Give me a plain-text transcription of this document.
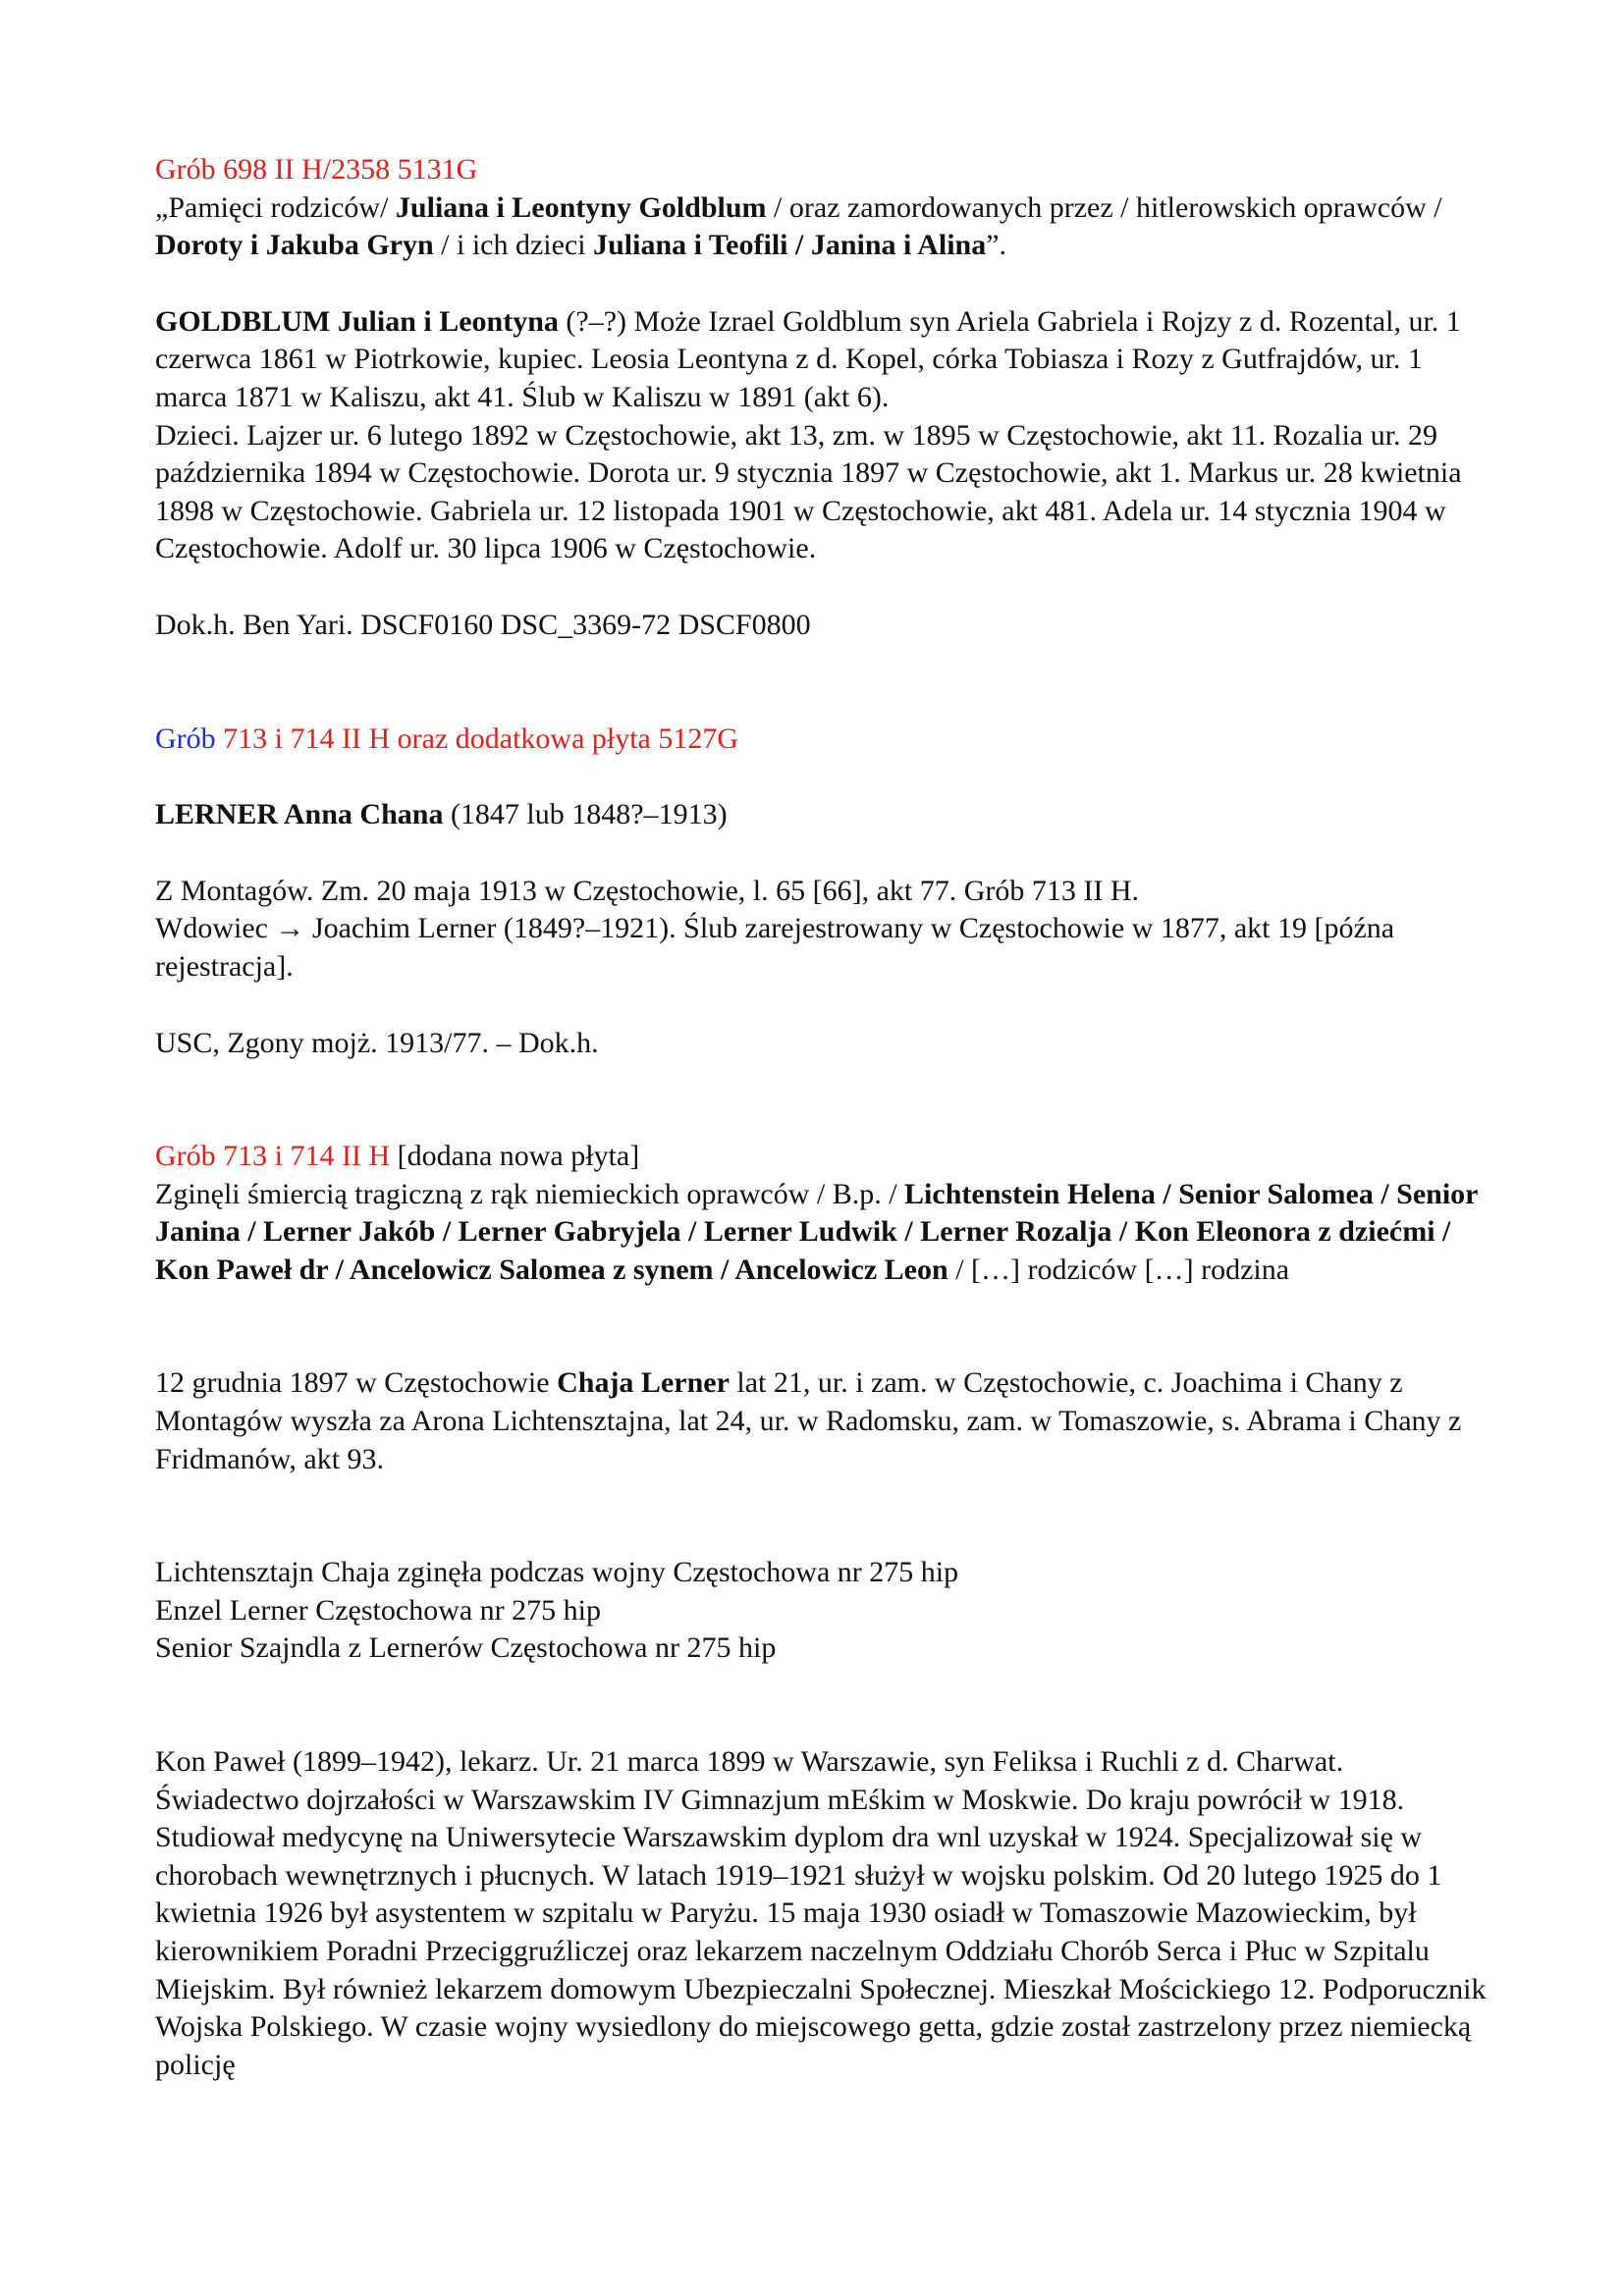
Grób 698 II H/2358 5131G

„Pamięci rodziców/ Juliana i Leontyny Goldblum / oraz zamordowanych przez / hitlerowskich oprawców / Doroty i Jakuba Gryn / i ich dzieci Juliana i Teofili / Janina i Alina”.

GOLDBLUM Julian i Leontyna (?–?) Może Izrael Goldblum syn Ariela Gabriela i Rojzy z d. Rozental, ur. 1 czerwca 1861 w Piotrkowie, kupiec. Leosia Leontyna z d. Kopel, córka Tobiasza i Rozy z Gutfrajdów, ur. 1 marca 1871 w Kaliszu, akt 41. Ślub w Kaliszu w 1891 (akt 6).

Dzieci. Lajzer ur. 6 lutego 1892 w Częstochowie, akt 13, zm. w 1895 w Częstochowie, akt 11. Rozalia ur. 29 października 1894 w Częstochowie. Dorota ur. 9 stycznia 1897 w Częstochowie, akt 1. Markus ur. 28 kwietnia 1898 w Częstochowie. Gabriela ur. 12 listopada 1901 w Częstochowie, akt 481. Adela ur. 14 stycznia 1904 w Częstochowie. Adolf ur. 30 lipca 1906 w Częstochowie.

Dok.h. Ben Yari. DSCF0160 DSC_3369-72 DSCF0800

Grób 713 i 714 II H oraz dodatkowa płyta 5127G

LERNER Anna Chana (1847 lub 1848?–1913)

Z Montagów. Zm. 20 maja 1913 w Częstochowie, l. 65 [66], akt 77. Grób 713 II H.

Wdowiec → Joachim Lerner (1849?–1921). Ślub zarejestrowany w Częstochowie w 1877, akt 19 [późna rejestracja].

USC, Zgony mojż. 1913/77. – Dok.h.

Grób 713 i 714 II H [dodana nowa płyta]

Zginęli śmiercią tragiczną z rąk niemieckich oprawców / B.p. / Lichtenstein Helena / Senior Salomea / Senior Janina / Lerner Jakób / Lerner Gabryjela / Lerner Ludwik / Lerner Rozalja / Kon Eleonora z dziećmi / Kon Paweł dr / Ancelowicz Salomea z synem / Ancelowicz Leon / […] rodziców […] rodzina

12 grudnia 1897 w Częstochowie Chaja Lerner lat 21, ur. i zam. w Częstochowie, c. Joachima i Chany z Montagów wyszła za Arona Lichtensztajna, lat 24, ur. w Radomsku, zam. w Tomaszowie, s. Abrama i Chany z Fridmanów, akt 93.

Lichtensztajn Chaja zginęła podczas wojny Częstochowa nr 275 hip

Enzel Lerner Częstochowa nr 275 hip

Senior Szajndla z Lernerów Częstochowa nr 275 hip

Kon Paweł (1899–1942), lekarz. Ur. 21 marca 1899 w Warszawie, syn Feliksa i Ruchli z d. Charwat. Świadectwo dojrzałości w Warszawskim IV Gimnazjum mEśkim w Moskwie. Do kraju powrócił w 1918. Studiował medycynę na Uniwersytecie Warszawskim dyplom dra wnl uzyskał w 1924. Specjalizował się w chorobach wewnętrznych i płucnych. W latach 1919–1921 służył w wojsku polskim. Od 20 lutego 1925 do 1 kwietnia 1926 był asystentem w szpitalu w Paryżu. 15 maja 1930 osiadł w Tomaszowie Mazowieckim, był kierownikiem Poradni Przeciggruźliczej oraz lekarzem naczelnym Oddziału Chorób Serca i Płuc w Szpitalu Miejskim. Był również lekarzem domowym Ubezpieczalni Społecznej. Mieszkał Mościckiego 12. Podporucznik Wojska Polskiego. W czasie wojny wysiedlony do miejscowego getta, gdzie został zastrzelony przez niemiecką policję
